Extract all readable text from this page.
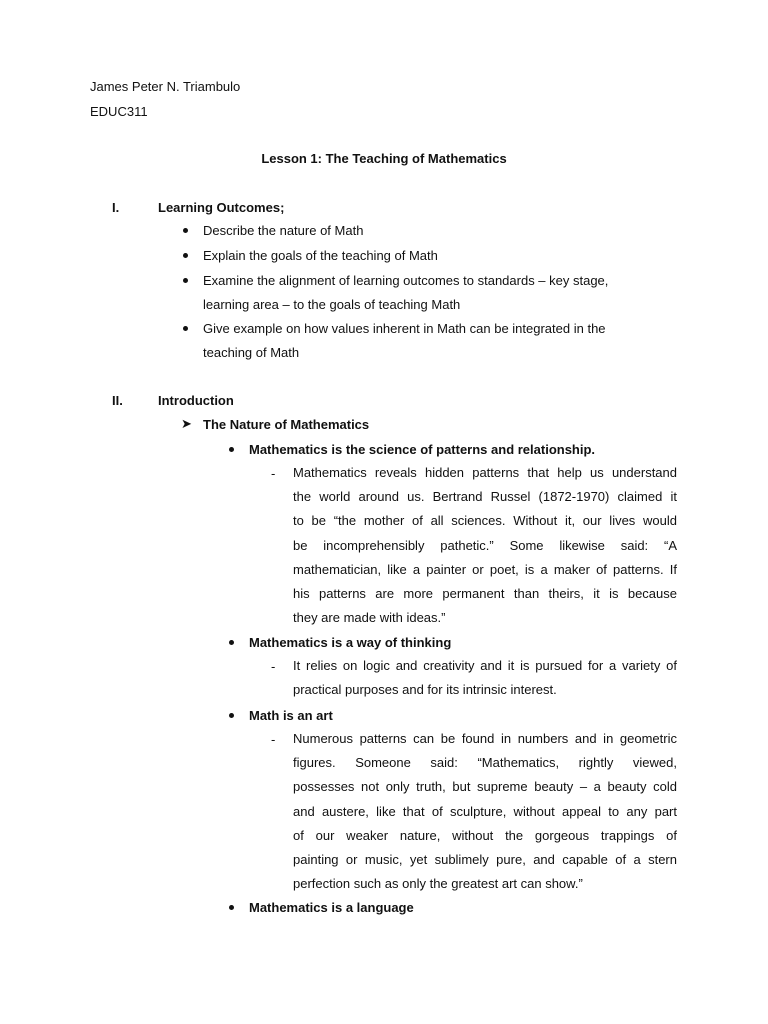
James Peter N. Triambulo
EDUC311
Lesson 1: The Teaching of Mathematics
I.	Learning Outcomes;
Describe the nature of Math
Explain the goals of the teaching of Math
Examine the alignment of learning outcomes to standards – key stage,
learning area – to the goals of teaching Math
Give example on how values inherent in Math can be integrated in the
teaching of Math
II.	Introduction
➤ The Nature of Mathematics
Mathematics is the science of patterns and relationship.
- Mathematics reveals hidden patterns that help us understand
the world around us. Bertrand Russel (1872-1970) claimed it
to be “the mother of all sciences. Without it, our lives would
be incomprehensibly pathetic.” Some likewise said: “A
mathematician, like a painter or poet, is a maker of patterns. If
his patterns are more permanent than theirs, it is because
they are made with ideas.”
Mathematics is a way of thinking
- It relies on logic and creativity and it is pursued for a variety of
practical purposes and for its intrinsic interest.
Math is an art
- Numerous patterns can be found in numbers and in geometric
figures. Someone said: “Mathematics, rightly viewed,
possesses not only truth, but supreme beauty – a beauty cold
and austere, like that of sculpture, without appeal to any part
of our weaker nature, without the gorgeous trappings of
painting or music, yet sublimely pure, and capable of a stern
perfection such as only the greatest art can show.”
Mathematics is a language
